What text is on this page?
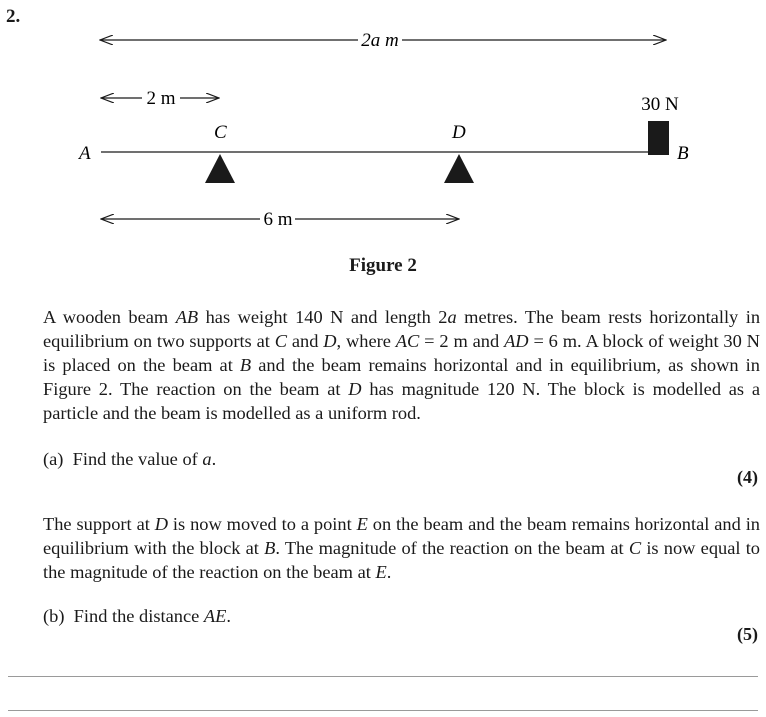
2.
2a m
2 m
A
C	D
30 N
B
6 m
Figure 2

A wooden beam AB has weight 140 N and length 2a metres. The beam rests horizontally in equilibrium on two supports at C and D, where AC = 2 m and AD = 6 m. A block of weight 30 N is placed on the beam at B and the beam remains horizontal and in equilibrium, as shown in Figure 2. The reaction on the beam at D has magnitude 120 N. The block is modelled as a particle and the beam is modelled as a uniform rod.

(a) Find the value of a.
(4)

The support at D is now moved to a point E on the beam and the beam remains horizontal and in equilibrium with the block at B. The magnitude of the reaction on the beam at C is now equal to the magnitude of the reaction on the beam at E.

(b) Find the distance AE.
(5)
